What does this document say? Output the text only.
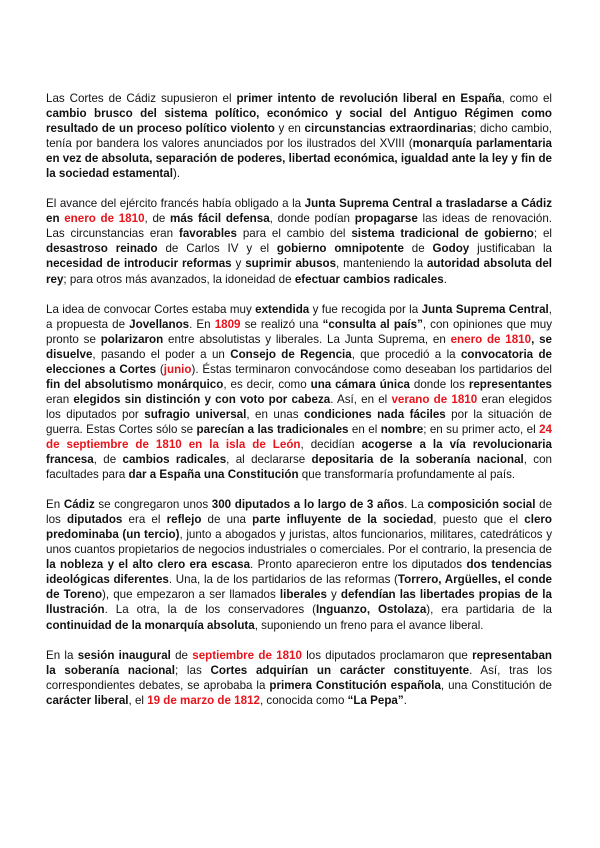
Las Cortes de Cádiz supusieron el primer intento de revolución liberal en España, como el cambio brusco del sistema político, económico y social del Antiguo Régimen como resultado de un proceso político violento y en circunstancias extraordinarias; dicho cambio, tenía por bandera los valores anunciados por los ilustrados del XVIII (monarquía parlamentaria en vez de absoluta, separación de poderes, libertad económica, igualdad ante la ley y fin de la sociedad estamental).

El avance del ejército francés había obligado a la Junta Suprema Central a trasladarse a Cádiz en enero de 1810, de más fácil defensa, donde podían propagarse las ideas de renovación. Las circunstancias eran favorables para el cambio del sistema tradicional de gobierno; el desastroso reinado de Carlos IV y el gobierno omnipotente de Godoy justificaban la necesidad de introducir reformas y suprimir abusos, manteniendo la autoridad absoluta del rey; para otros más avanzados, la idoneidad de efectuar cambios radicales.

La idea de convocar Cortes estaba muy extendida y fue recogida por la Junta Suprema Central, a propuesta de Jovellanos. En 1809 se realizó una “consulta al país”, con opiniones que muy pronto se polarizaron entre absolutistas y liberales. La Junta Suprema, en enero de 1810, se disuelve, pasando el poder a un Consejo de Regencia, que procedió a la convocatoria de elecciones a Cortes (junio). Éstas terminaron convocándose como deseaban los partidarios del fin del absolutismo monárquico, es decir, como una cámara única donde los representantes eran elegidos sin distinción y con voto por cabeza. Así, en el verano de 1810 eran elegidos los diputados por sufragio universal, en unas condiciones nada fáciles por la situación de guerra. Estas Cortes sólo se parecían a las tradicionales en el nombre; en su primer acto, el 24 de septiembre de 1810 en la isla de León, decidían acogerse a la vía revolucionaria francesa, de cambios radicales, al declararse depositaria de la soberanía nacional, con facultades para dar a España una Constitución que transformaría profundamente al país.

En Cádiz se congregaron unos 300 diputados a lo largo de 3 años. La composición social de los diputados era el reflejo de una parte influyente de la sociedad, puesto que el clero predominaba (un tercio), junto a abogados y juristas, altos funcionarios, militares, catedráticos y unos cuantos propietarios de negocios industriales o comerciales. Por el contrario, la presencia de la nobleza y el alto clero era escasa. Pronto aparecieron entre los diputados dos tendencias ideológicas diferentes. Una, la de los partidarios de las reformas (Torrero, Argüelles, el conde de Toreno), que empezaron a ser llamados liberales y defendían las libertades propias de la Ilustración. La otra, la de los conservadores (Inguanzo, Ostolaza), era partidaria de la continuidad de la monarquía absoluta, suponiendo un freno para el avance liberal.

En la sesión inaugural de septiembre de 1810 los diputados proclamaron que representaban la soberanía nacional; las Cortes adquirían un carácter constituyente. Así, tras los correspondientes debates, se aprobaba la primera Constitución española, una Constitución de carácter liberal, el 19 de marzo de 1812, conocida como “La Pepa”.
